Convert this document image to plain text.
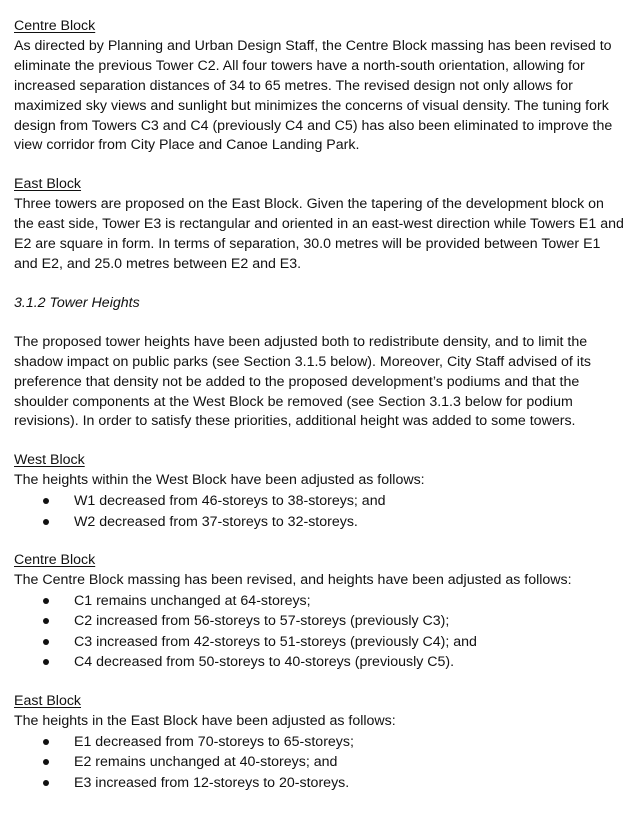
Centre Block

As directed by Planning and Urban Design Staff, the Centre Block massing has been revised to eliminate the previous Tower C2. All four towers have a north-south orientation, allowing for increased separation distances of 34 to 65 metres. The revised design not only allows for maximized sky views and sunlight but minimizes the concerns of visual density. The tuning fork design from Towers C3 and C4 (previously C4 and C5) has also been eliminated to improve the view corridor from City Place and Canoe Landing Park.

East Block

Three towers are proposed on the East Block. Given the tapering of the development block on the east side, Tower E3 is rectangular and oriented in an east-west direction while Towers E1 and E2 are square in form. In terms of separation, 30.0 metres will be provided between Tower E1 and E2, and 25.0 metres between E2 and E3.

3.1.2 Tower Heights

The proposed tower heights have been adjusted both to redistribute density, and to limit the shadow impact on public parks (see Section 3.1.5 below). Moreover, City Staff advised of its preference that density not be added to the proposed development’s podiums and that the shoulder components at the West Block be removed (see Section 3.1.3 below for podium revisions). In order to satisfy these priorities, additional height was added to some towers.

West Block

The heights within the West Block have been adjusted as follows:

W1 decreased from 46-storeys to 38-storeys; and
W2 decreased from 37-storeys to 32-storeys.
Centre Block

The Centre Block massing has been revised, and heights have been adjusted as follows:

C1 remains unchanged at 64-storeys;
C2 increased from 56-storeys to 57-storeys (previously C3);
C3 increased from 42-storeys to 51-storeys (previously C4); and
C4 decreased from 50-storeys to 40-storeys (previously C5).
East Block

The heights in the East Block have been adjusted as follows:

E1 decreased from 70-storeys to 65-storeys;
E2 remains unchanged at 40-storeys; and
E3 increased from 12-storeys to 20-storeys.
